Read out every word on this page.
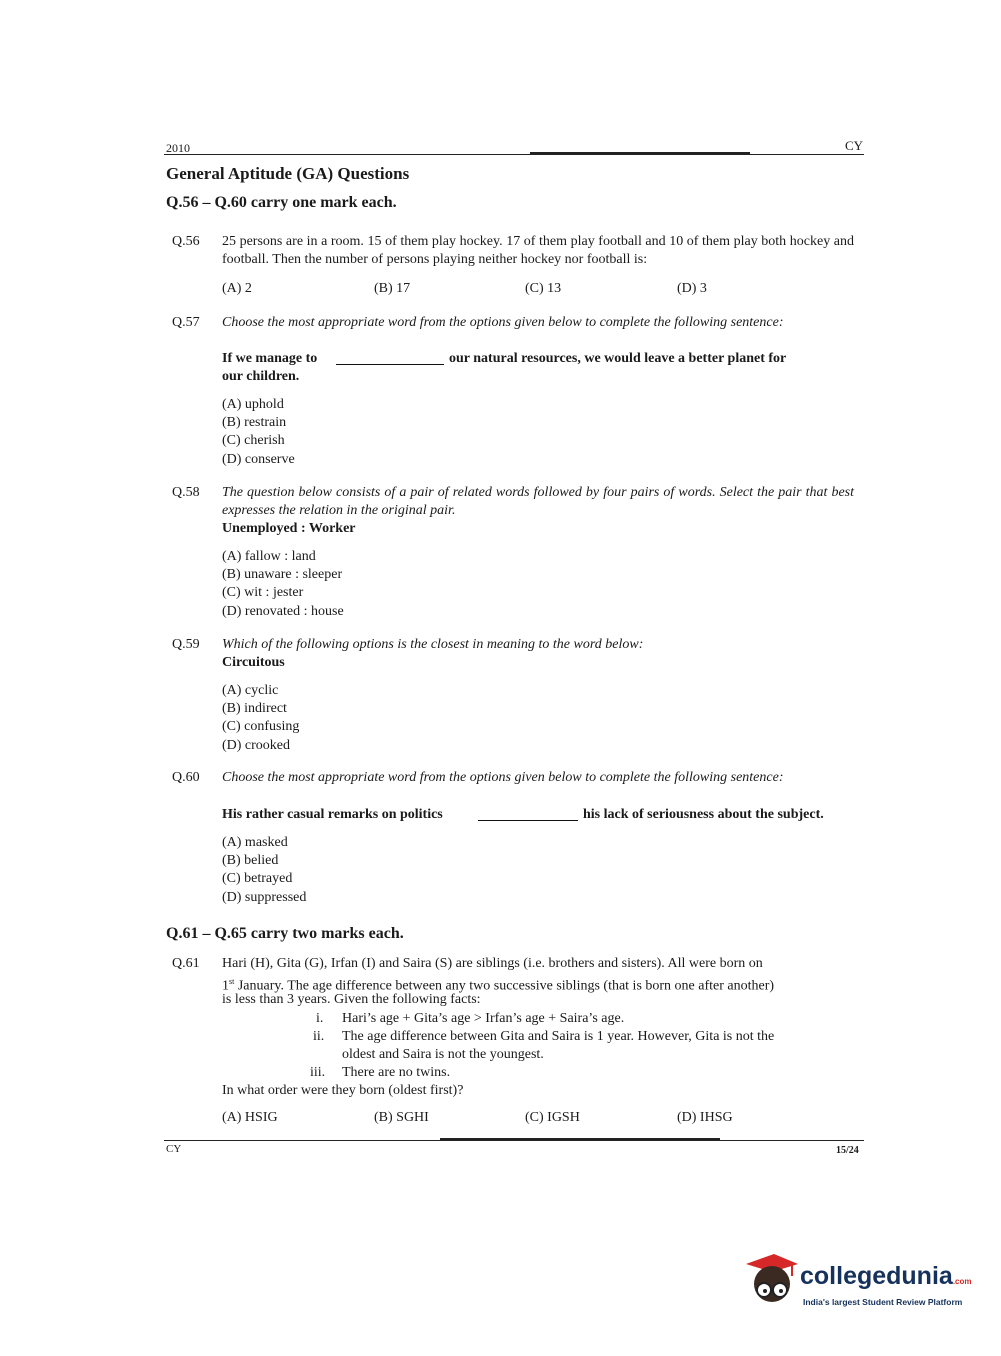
2010	CY
General Aptitude (GA) Questions
Q.56 – Q.60 carry one mark each.
Q.56 25 persons are in a room. 15 of them play hockey. 17 of them play football and 10 of them play both hockey and football. Then the number of persons playing neither hockey nor football is:
(A) 2	(B) 17	(C) 13	(D) 3
Q.57 Choose the most appropriate word from the options given below to complete the following sentence:
If we manage to	our natural resources, we would leave a better planet for
our children.
(A) uphold
(B) restrain
(C) cherish
(D) conserve
Q.58 The question below consists of a pair of related words followed by four pairs of words. Select the pair that best expresses the relation in the original pair.
Unemployed : Worker
(A) fallow : land
(B) unaware : sleeper
(C) wit : jester
(D) renovated : house
Q.59 Which of the following options is the closest in meaning to the word below:
Circuitous
(A) cyclic
(B) indirect
(C) confusing
(D) crooked
Q.60 Choose the most appropriate word from the options given below to complete the following sentence:
His rather casual remarks on politics	his lack of seriousness about the subject.
(A) masked
(B) belied
(C) betrayed
(D) suppressed
Q.61 – Q.65 carry two marks each.
Q.61 Hari (H), Gita (G), Irfan (I) and Saira (S) are siblings (i.e. brothers and sisters). All were born on
1st January. The age difference between any two successive siblings (that is born one after another)
is less than 3 years. Given the following facts:
i. Hari’s age + Gita’s age > Irfan’s age + Saira’s age.
ii. The age difference between Gita and Saira is 1 year. However, Gita is not the
oldest and Saira is not the youngest.
iii. There are no twins.
In what order were they born (oldest first)?
(A) HSIG	(B) SGHI	(C) IGSH	(D) IHSG
CY	15/24
collegedunia.com
India's largest Student Review Platform
